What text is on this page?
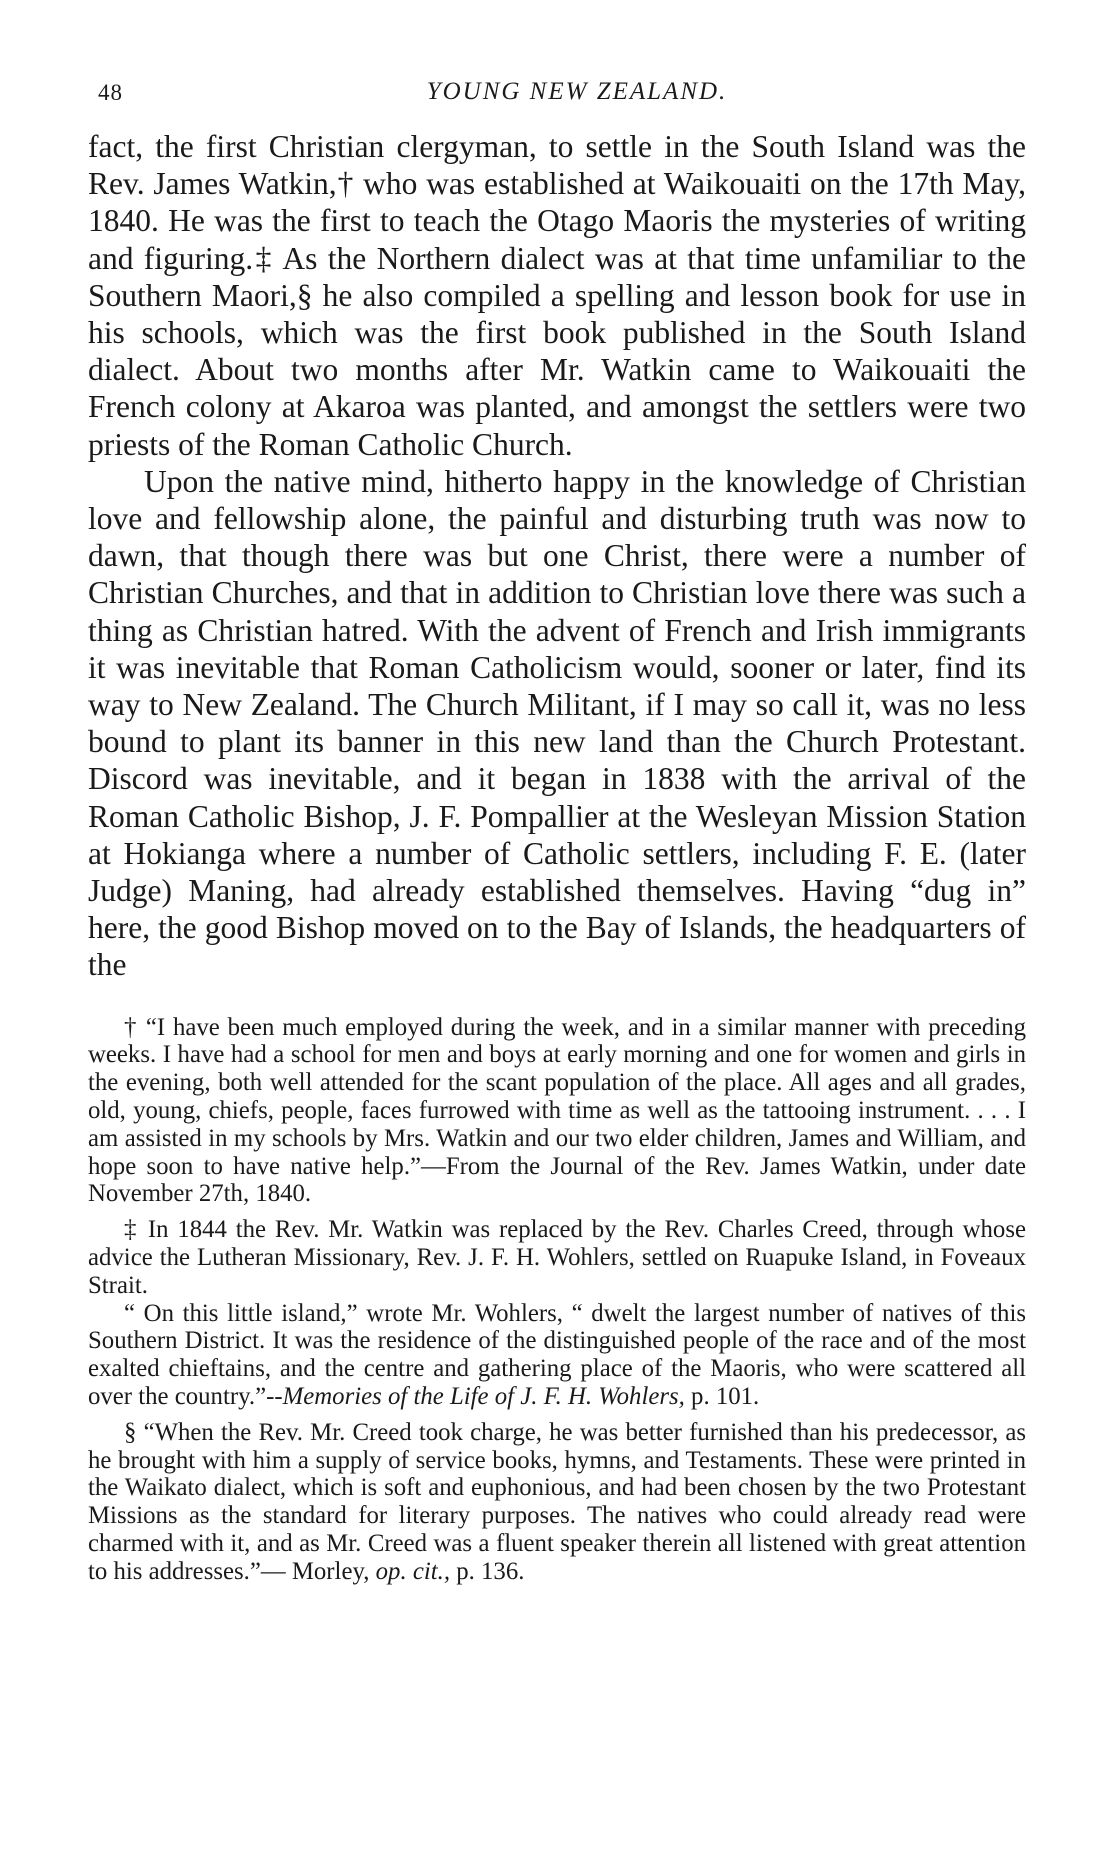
48	YOUNG NEW ZEALAND.

fact, the first Christian clergyman, to settle in the South Island was the Rev. James Watkin,† who was established at Waikouaiti on the 17th May, 1840. He was the first to teach the Otago Maoris the mysteries of writing and figuring.‡ As the Northern dialect was at that time unfamiliar to the Southern Maori,§ he also compiled a spelling and lesson book for use in his schools, which was the first book published in the South Island dialect. About two months after Mr. Watkin came to Waikouaiti the French colony at Akaroa was planted, and amongst the settlers were two priests of the Roman Catholic Church.

Upon the native mind, hitherto happy in the knowledge of Christian love and fellowship alone, the painful and disturbing truth was now to dawn, that though there was but one Christ, there were a number of Christian Churches, and that in addition to Christian love there was such a thing as Christian hatred. With the advent of French and Irish immigrants it was inevitable that Roman Catholicism would, sooner or later, find its way to New Zealand. The Church Militant, if I may so call it, was no less bound to plant its banner in this new land than the Church Protestant. Discord was inevitable, and it began in 1838 with the arrival of the Roman Catholic Bishop, J. F. Pompallier at the Wesleyan Mission Station at Hokianga where a number of Catholic settlers, including F. E. (later Judge) Maning, had already established themselves. Having “dug in” here, the good Bishop moved on to the Bay of Islands, the headquarters of the

† “I have been much employed during the week, and in a similar manner with preceding weeks. I have had a school for men and boys at early morning and one for women and girls in the evening, both well attended for the scant population of the place. All ages and all grades, old, young, chiefs, people, faces furrowed with time as well as the tattooing instrument. . . . I am assisted in my schools by Mrs. Watkin and our two elder children, James and William, and hope soon to have native help.”—From the Journal of the Rev. James Watkin, under date November 27th, 1840.

‡ In 1844 the Rev. Mr. Watkin was replaced by the Rev. Charles Creed, through whose advice the Lutheran Missionary, Rev. J. F. H. Wohlers, settled on Ruapuke Island, in Foveaux Strait.

“ On this little island,” wrote Mr. Wohlers, “ dwelt the largest number of natives of this Southern District. It was the residence of the distinguished people of the race and of the most exalted chieftains, and the centre and gathering place of the Maoris, who were scattered all over the country.”--Memories of the Life of J. F. H. Wohlers, p. 101.

§ “When the Rev. Mr. Creed took charge, he was better furnished than his predecessor, as he brought with him a supply of service books, hymns, and Testaments. These were printed in the Waikato dialect, which is soft and euphonious, and had been chosen by the two Protestant Missions as the standard for literary purposes. The natives who could already read were charmed with it, and as Mr. Creed was a fluent speaker therein all listened with great attention to his addresses.”— Morley, op. cit., p. 136.
